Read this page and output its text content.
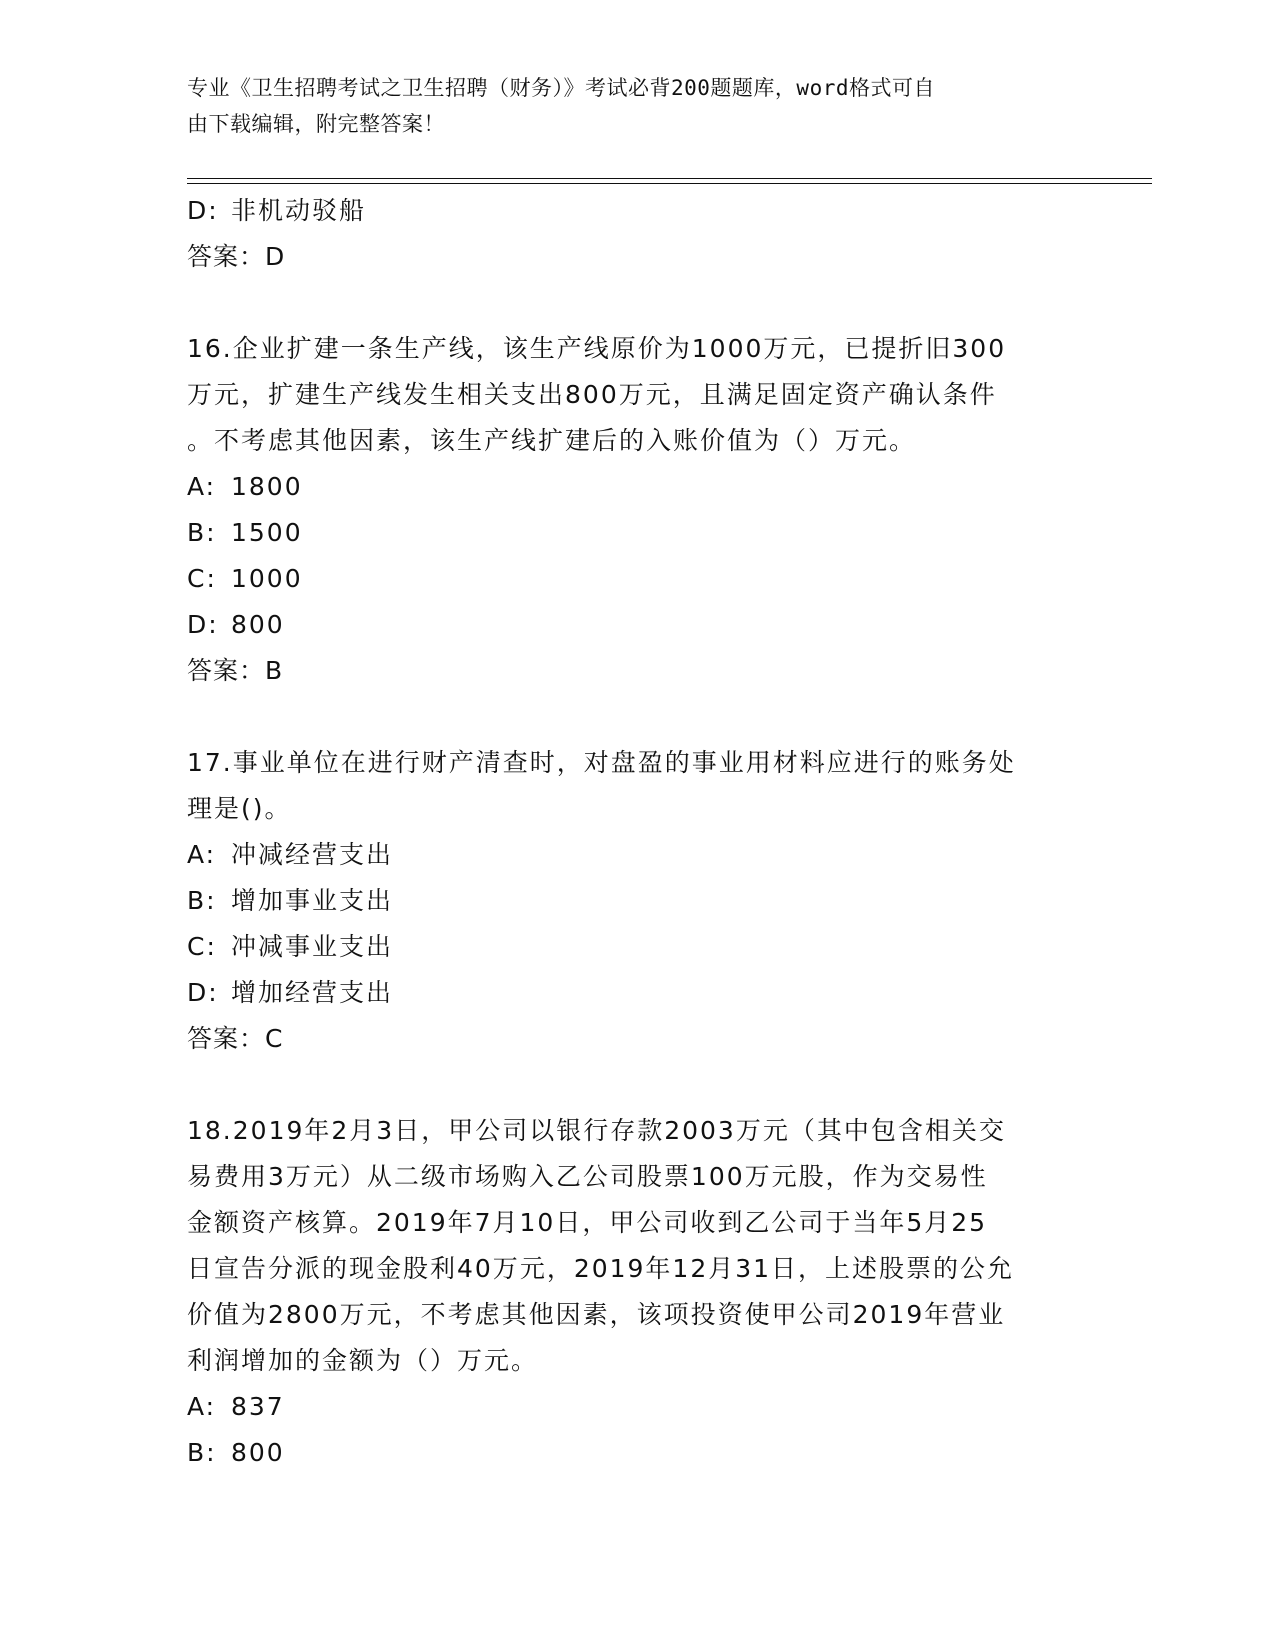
专业《卫生招聘考试之卫生招聘（财务）》考试必背200题题库，word格式可自
由下载编辑，附完整答案！
D: 非机动驳船
答案：D
16.企业扩建一条生产线，该生产线原价为1000万元，已提折旧300
万元，扩建生产线发生相关支出800万元，且满足固定资产确认条件
。不考虑其他因素，该生产线扩建后的入账价值为（）万元。
A: 1800
B: 1500
C: 1000
D: 800
答案：B
17.事业单位在进行财产清查时，对盘盈的事业用材料应进行的账务处
理是()。
A: 冲减经营支出
B: 增加事业支出
C: 冲减事业支出
D: 增加经营支出
答案：C
18.2019年2月3日，甲公司以银行存款2003万元（其中包含相关交
易费用3万元）从二级市场购入乙公司股票100万元股，作为交易性
金额资产核算。2019年7月10日，甲公司收到乙公司于当年5月25
日宣告分派的现金股利40万元，2019年12月31日，上述股票的公允
价值为2800万元，不考虑其他因素，该项投资使甲公司2019年营业
利润增加的金额为（）万元。
A: 837
B: 800
